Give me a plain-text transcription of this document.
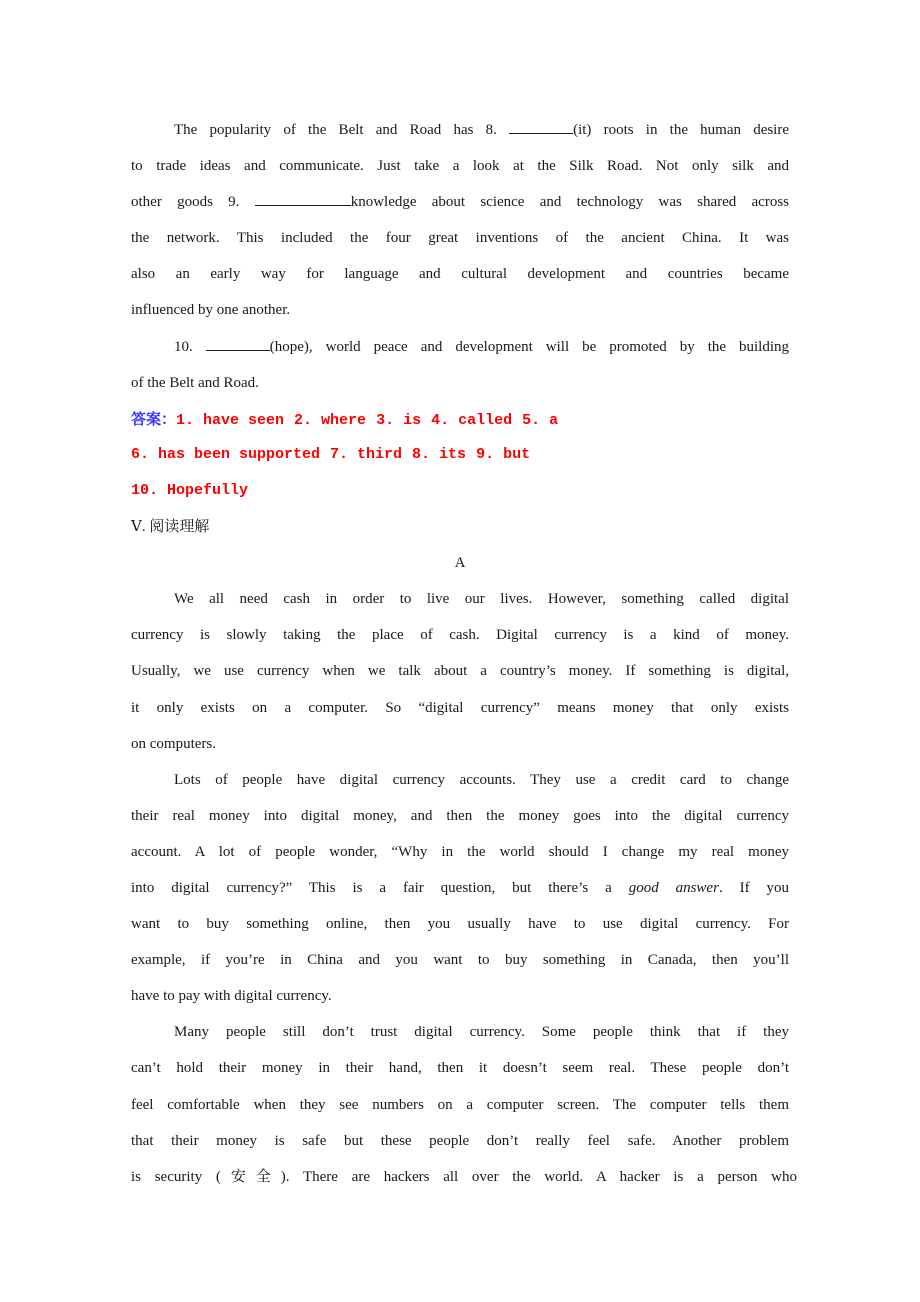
The popularity of the Belt and Road has 8.	(it) roots in the human desire
to trade ideas and communicate. Just take a look at the Silk Road. Not only silk and
other goods 9.	knowledge about science and technology was shared across
the network. This included the four great inventions of the ancient China. It was
also an early way for language and cultural development and countries became
influenced by one another.
10.	(hope), world peace and development will be promoted by the building
of the Belt and Road.
答案：1. have seen 2. where 3. is 4. called 5. a
6. has been supported 7. third 8. its 9. but
10. Hopefully
Ⅴ. 阅读理解
A
We all need cash in order to live our lives. However, something called digital
currency is slowly taking the place of cash. Digital currency is a kind of money.
Usually, we use currency when we talk about a country’s money. If something is digital,
it only exists on a computer. So “digital currency” means money that only exists
on computers.
Lots of people have digital currency accounts. They use a credit card to change
their real money into digital money, and then the money goes into the digital currency
account. A lot of people wonder, “Why in the world should I change my real money
into digital currency?” This is a fair question, but there’s a good answer. If you
want to buy something online, then you usually have to use digital currency. For
example, if you’re in China and you want to buy something in Canada, then you’ll
have to pay with digital currency.
Many people still don’t trust digital currency. Some people think that if they
can’t hold their money in their hand, then it doesn’t seem real. These people don’t
feel comfortable when they see numbers on a computer screen. The computer tells them
that their money is safe but these people don’t really feel safe. Another problem
is security (安全). There are hackers all over the world. A hacker is a person who
